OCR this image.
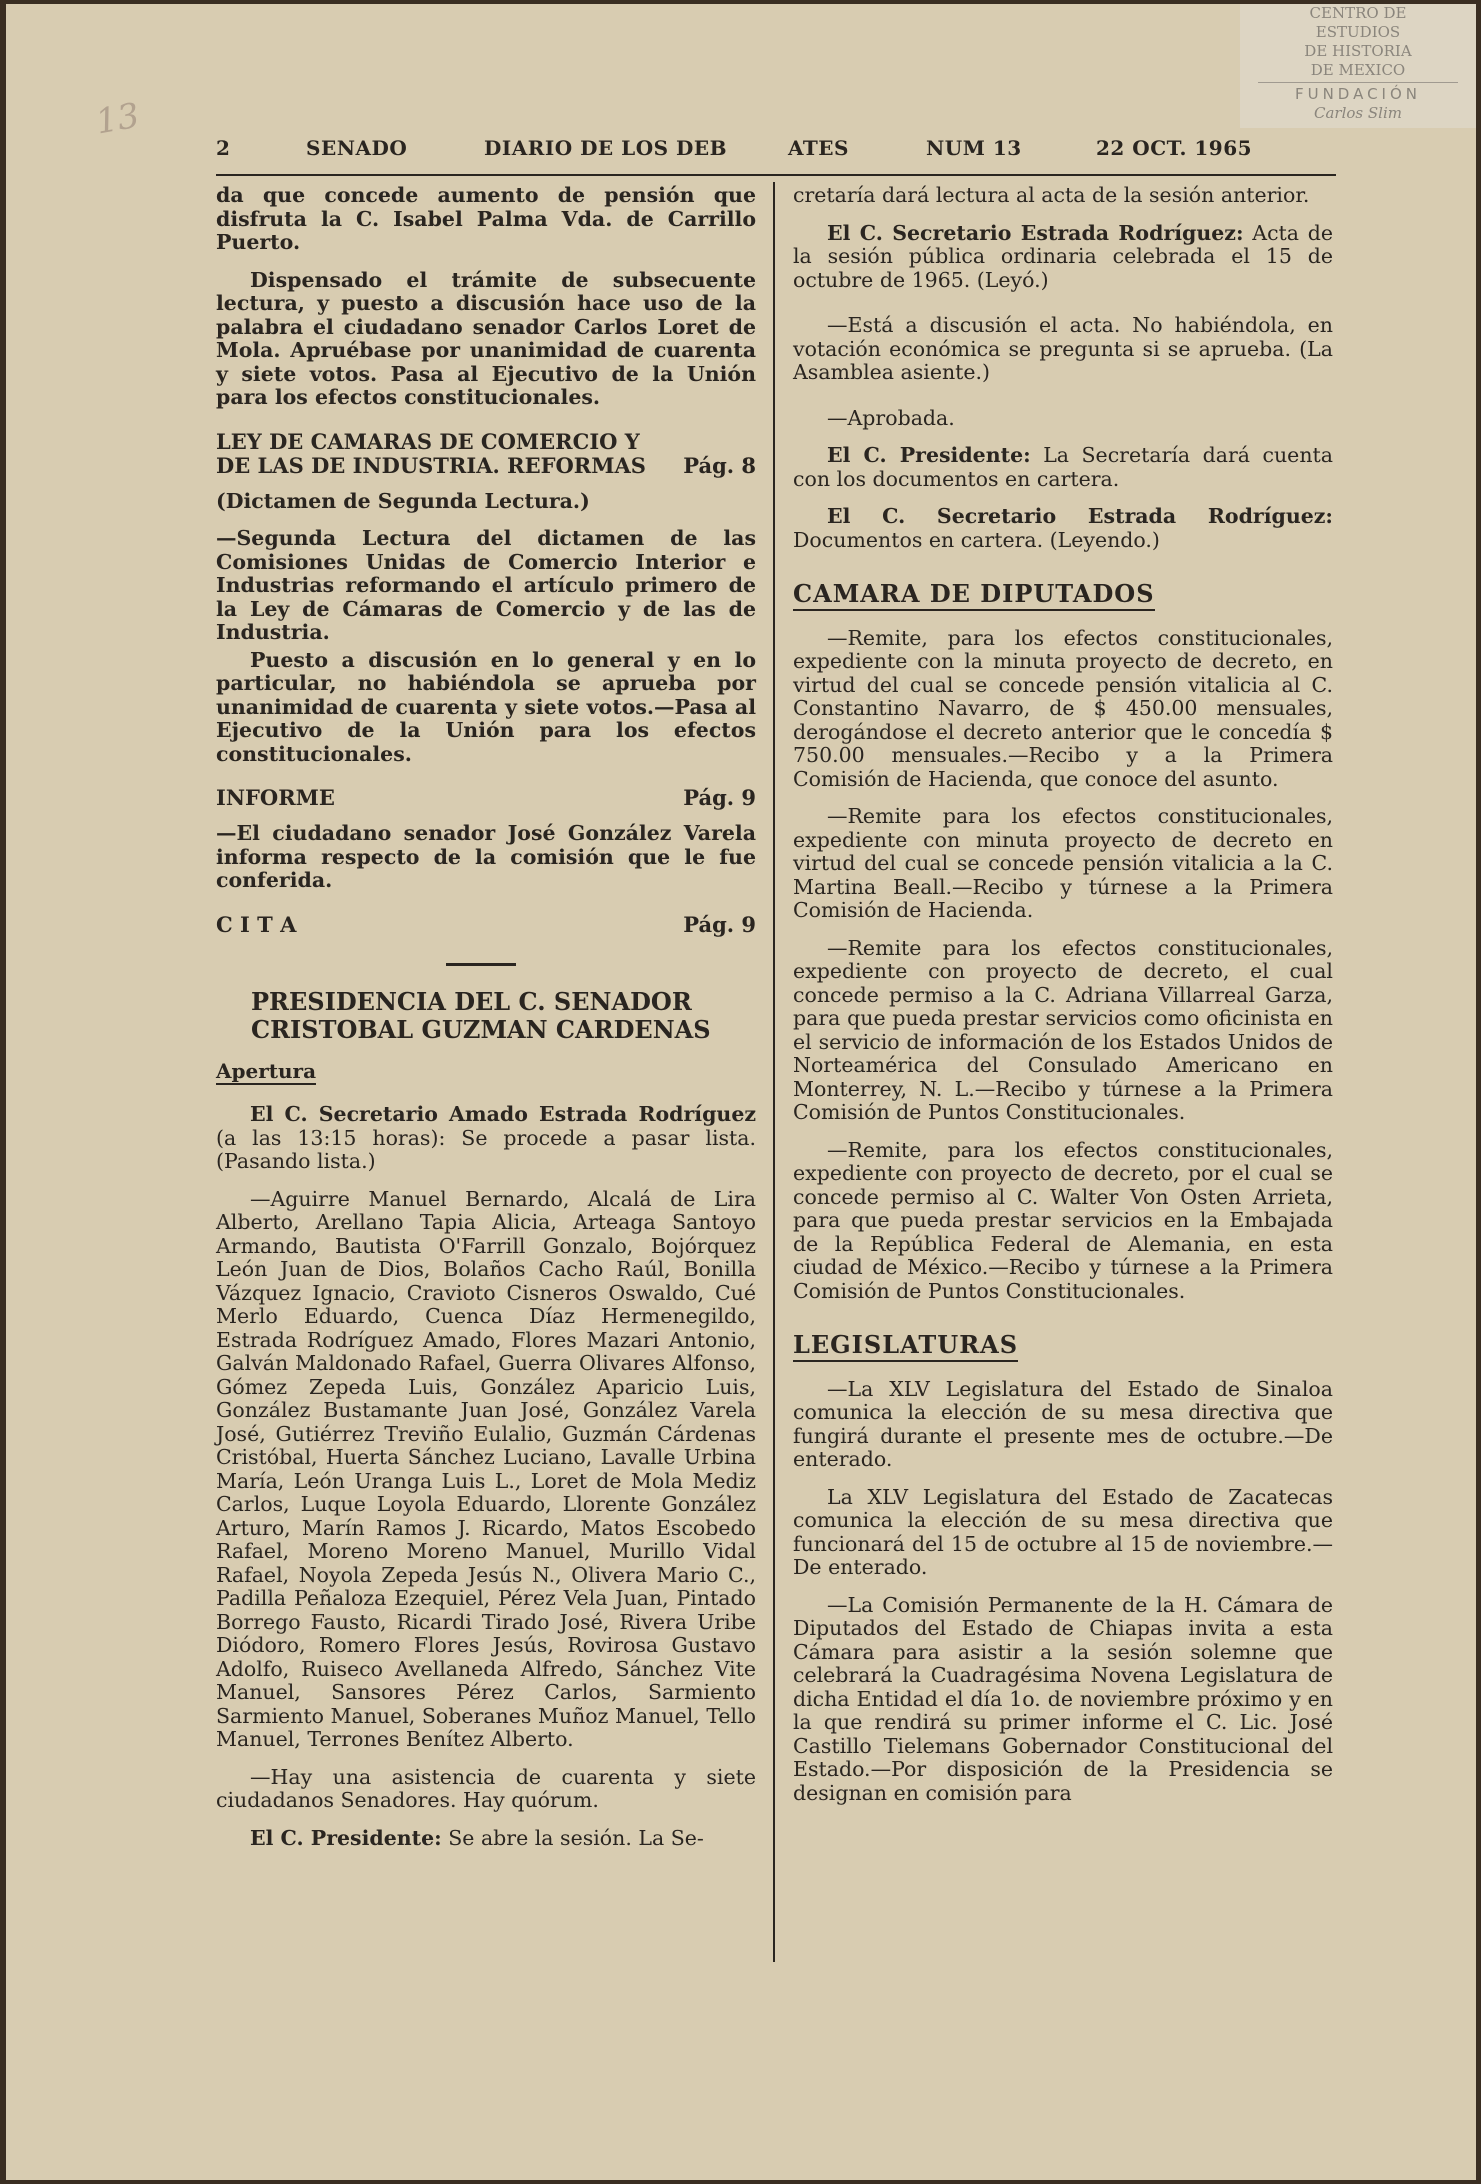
13
2	SENADO	DIARIO DE LOS DEB	ATES	NUM 13	22 OCT. 1965

da que concede aumento de pensión que disfruta la C. Isabel Palma Vda. de Carrillo Puerto.

Dispensado el trámite de subsecuente lectura, y puesto a discusión hace uso de la palabra el ciudadano senador Carlos Loret de Mola. Apruébase por unanimidad de cuarenta y siete votos. Pasa al Ejecutivo de la Unión para los efectos constitucionales.

LEY DE CAMARAS DE COMERCIO Y
DE LAS DE INDUSTRIA. REFORMAS Pág. 8

(Dictamen de Segunda Lectura.)

—Segunda Lectura del dictamen de las Comisiones Unidas de Comercio Interior e Industrias reformando el artículo primero de la Ley de Cámaras de Comercio y de las de Industria.

Puesto a discusión en lo general y en lo particular, no habiéndola se aprueba por unanimidad de cuarenta y siete votos.—Pasa al Ejecutivo de la Unión para los efectos constitucionales.

INFORME	Pág. 9

—El ciudadano senador José González Varela informa respecto de la comisión que le fue conferida.

C I T A	Pág. 9
PRESIDENCIA DEL C. SENADOR
CRISTOBAL GUZMAN CARDENAS
Apertura

El C. Secretario Amado Estrada Rodríguez (a las 13:15 horas): Se procede a pasar lista. (Pasando lista.)

—Aguirre Manuel Bernardo, Alcalá de Lira Alberto, Arellano Tapia Alicia, Arteaga Santoyo Armando, Bautista O'Farrill Gonzalo, Bojórquez León Juan de Dios, Bolaños Cacho Raúl, Bonilla Vázquez Ignacio, Cravioto Cisneros Oswaldo, Cué Merlo Eduardo, Cuenca Díaz Hermenegildo, Estrada Rodríguez Amado, Flores Mazari Antonio, Galván Maldonado Rafael, Guerra Olivares Alfonso, Gómez Zepeda Luis, González Aparicio Luis, González Bustamante Juan José, González Varela José, Gutiérrez Treviño Eulalio, Guzmán Cárdenas Cristóbal, Huerta Sánchez Luciano, Lavalle Urbina María, León Uranga Luis L., Loret de Mola Mediz Carlos, Luque Loyola Eduardo, Llorente González Arturo, Marín Ramos J. Ricardo, Matos Escobedo Rafael, Moreno Moreno Manuel, Murillo Vidal Rafael, Noyola Zepeda Jesús N., Olivera Mario C., Padilla Peñaloza Ezequiel, Pérez Vela Juan, Pintado Borrego Fausto, Ricardi Tirado José, Rivera Uribe Diódoro, Romero Flores Jesús, Rovirosa Gustavo Adolfo, Ruiseco Avellaneda Alfredo, Sánchez Vite Manuel, Sansores Pérez Carlos, Sarmiento Sarmiento Manuel, Soberanes Muñoz Manuel, Tello Manuel, Terrones Benítez Alberto.

—Hay una asistencia de cuarenta y siete ciudadanos Senadores. Hay quórum.

El C. Presidente: Se abre la sesión. La Se-

cretaría dará lectura al acta de la sesión anterior.

El C. Secretario Estrada Rodríguez: Acta de la sesión pública ordinaria celebrada el 15 de octubre de 1965. (Leyó.)

—Está a discusión el acta. No habiéndola, en votación económica se pregunta si se aprueba. (La Asamblea asiente.)

—Aprobada.

El C. Presidente: La Secretaría dará cuenta con los documentos en cartera.

El C. Secretario Estrada Rodríguez: Documentos en cartera. (Leyendo.)

CAMARA DE DIPUTADOS

—Remite, para los efectos constitucionales, expediente con la minuta proyecto de decreto, en virtud del cual se concede pensión vitalicia al C. Constantino Navarro, de $ 450.00 mensuales, derogándose el decreto anterior que le concedía $ 750.00 mensuales.—Recibo y a la Primera Comisión de Hacienda, que conoce del asunto.

—Remite para los efectos constitucionales, expediente con minuta proyecto de decreto en virtud del cual se concede pensión vitalicia a la C. Martina Beall.—Recibo y túrnese a la Primera Comisión de Hacienda.

—Remite para los efectos constitucionales, expediente con proyecto de decreto, el cual concede permiso a la C. Adriana Villarreal Garza, para que pueda prestar servicios como oficinista en el servicio de información de los Estados Unidos de Norteamérica del Consulado Americano en Monterrey, N. L.—Recibo y túrnese a la Primera Comisión de Puntos Constitucionales.

—Remite, para los efectos constitucionales, expediente con proyecto de decreto, por el cual se concede permiso al C. Walter Von Osten Arrieta, para que pueda prestar servicios en la Embajada de la República Federal de Alemania, en esta ciudad de México.—Recibo y túrnese a la Primera Comisión de Puntos Constitucionales.

LEGISLATURAS

—La XLV Legislatura del Estado de Sinaloa comunica la elección de su mesa directiva que fungirá durante el presente mes de octubre.—De enterado.

La XLV Legislatura del Estado de Zacatecas comunica la elección de su mesa directiva que funcionará del 15 de octubre al 15 de noviembre.—De enterado.

—La Comisión Permanente de la H. Cámara de Diputados del Estado de Chiapas invita a esta Cámara para asistir a la sesión solemne que celebrará la Cuadragésima Novena Legislatura de dicha Entidad el día 1o. de noviembre próximo y en la que rendirá su primer informe el C. Lic. José Castillo Tielemans Gobernador Constitucional del Estado.—Por disposición de la Presidencia se designan en comisión para

CENTRO DE
ESTUDIOS
DE HISTORIA
DE MEXICO
FUNDACIÓN
Carlos Slim
